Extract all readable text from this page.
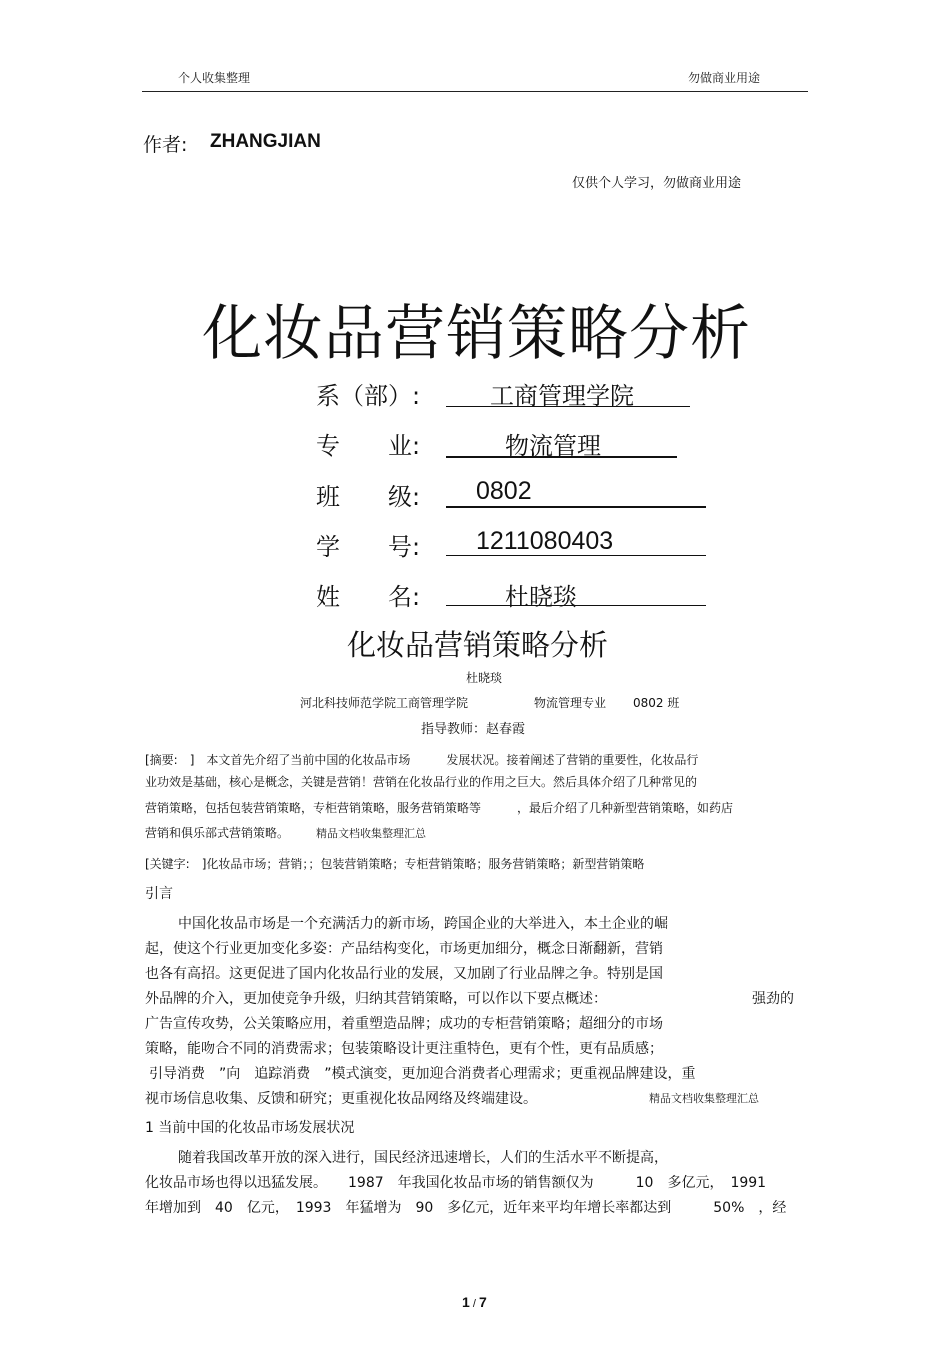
个人收集整理	勿做商业用途
作者: ZHANGJIAN
仅供个人学习，勿做商业用途
化妆品营销策略分析
系（部）:	工商管理学院
专　　业:	物流管理
班　　级: 0802
学　　号: 1211080403
姓　　名:	杜晓琰
化妆品营销策略分析
杜晓琰
河北科技师范学院工商管理学院	物流管理专业 0802 班
指导教师：赵春霞
[摘要:　]　本文首先介绍了当前中国的化妆品市场　　　发展状况。接着阐述了营销的重要性，化妆品行
业功效是基础，核心是概念，关键是营销！营销在化妆品行业的作用之巨大。然后具体介绍了几种常见的
营销策略，包括包装营销策略，专柜营销策略，服务营销策略等　　　，最后介绍了几种新型营销策略，如药店
营销和俱乐部式营销策略。 精品文档收集整理汇总
[关键字:　]化妆品市场；营销；；包装营销策略；专柜营销策略；服务营销策略；新型营销策略
引言
中国化妆品市场是一个充满活力的新市场，跨国企业的大举进入，本土企业的崛
起，使这个行业更加变化多姿：产品结构变化，市场更加细分，概念日渐翻新，营销
也各有高招。这更促进了国内化妆品行业的发展，又加剧了行业品牌之争。特别是国
外品牌的介入，更加使竞争升级，归纳其营销策略，可以作以下要点概述：	强劲的
广告宣传攻势，公关策略应用，着重塑造品牌；成功的专柜营销策略；超细分的市场
策略，能吻合不同的消费需求；包装策略设计更注重特色，更有个性，更有品质感；
引导消费　”向　追踪消费　”模式演变，更加迎合消费者心理需求；更重视品牌建设，重
视市场信息收集、反馈和研究；更重视化妆品网络及终端建设。	精品文档收集整理汇总
1 当前中国的化妆品市场发展状况
随着我国改革开放的深入进行，国民经济迅速增长，人们的生活水平不断提高，
化妆品市场也得以迅猛发展。　　1987　年我国化妆品市场的销售额仅为　　　10　多亿元，　1991
年增加到　40　亿元，　1993　年猛增为　90　多亿元，近年来平均年增长率都达到　　　50%　，经
1 / 7
